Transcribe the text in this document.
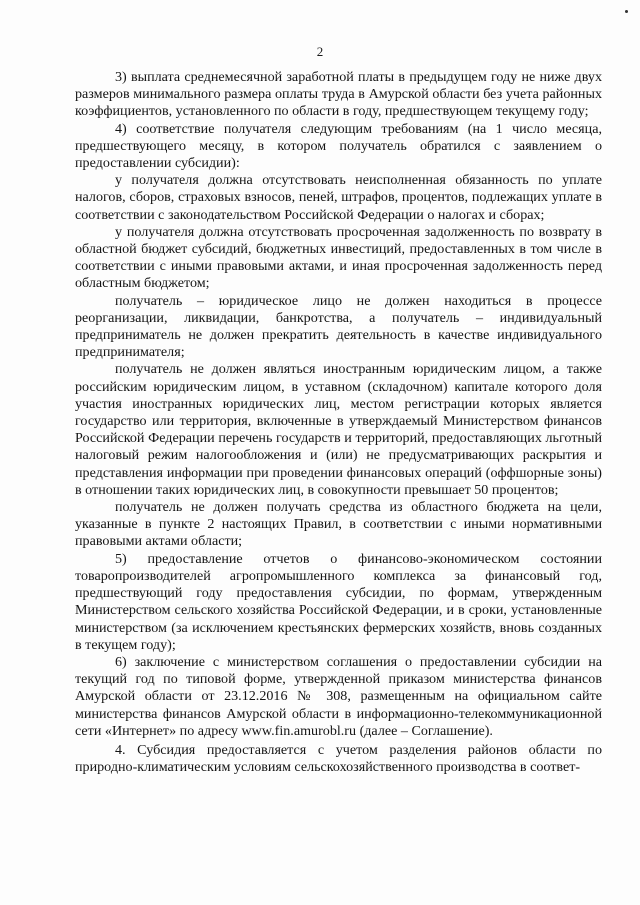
2

3) выплата среднемесячной заработной платы в предыдущем году не ниже двух размеров минимального размера оплаты труда в Амурской области без учета районных коэффициентов, установленного по области в году, предшествующем текущему году;

4) соответствие получателя следующим требованиям (на 1 число месяца, предшествующего месяцу, в котором получатель обратился с заявлением о предоставлении субсидии):

у получателя должна отсутствовать неисполненная обязанность по уплате налогов, сборов, страховых взносов, пеней, штрафов, процентов, подлежащих уплате в соответствии с законодательством Российской Федерации о налогах и сборах;

у получателя должна отсутствовать просроченная задолженность по возврату в областной бюджет субсидий, бюджетных инвестиций, предоставленных в том числе в соответствии с иными правовыми актами, и иная просроченная задолженность перед областным бюджетом;

получатель – юридическое лицо не должен находиться в процессе реорганизации, ликвидации, банкротства, а получатель – индивидуальный предприниматель не должен прекратить деятельность в качестве индивидуального предпринимателя;

получатель не должен являться иностранным юридическим лицом, а также российским юридическим лицом, в уставном (складочном) капитале которого доля участия иностранных юридических лиц, местом регистрации которых является государство или территория, включенные в утверждаемый Министерством финансов Российской Федерации перечень государств и территорий, предоставляющих льготный налоговый режим налогообложения и (или) не предусматривающих раскрытия и представления информации при проведении финансовых операций (оффшорные зоны) в отношении таких юридических лиц, в совокупности превышает 50 процентов;

получатель не должен получать средства из областного бюджета на цели, указанные в пункте 2 настоящих Правил, в соответствии с иными нормативными правовыми актами области;

5) предоставление отчетов о финансово-экономическом состоянии товаропроизводителей агропромышленного комплекса за финансовый год, предшествующий году предоставления субсидии, по формам, утвержденным Министерством сельского хозяйства Российской Федерации, и в сроки, установленные министерством (за исключением крестьянских фермерских хозяйств, вновь созданных в текущем году);

6) заключение с министерством соглашения о предоставлении субсидии на текущий год по типовой форме, утвержденной приказом министерства финансов Амурской области от 23.12.2016 № 308, размещенным на официальном сайте министерства финансов Амурской области в информационно-телекоммуникационной сети «Интернет» по адресу www.fin.amurobl.ru (далее – Соглашение).

4. Субсидия предоставляется с учетом разделения районов области по природно-климатическим условиям сельскохозяйственного производства в соответ-
